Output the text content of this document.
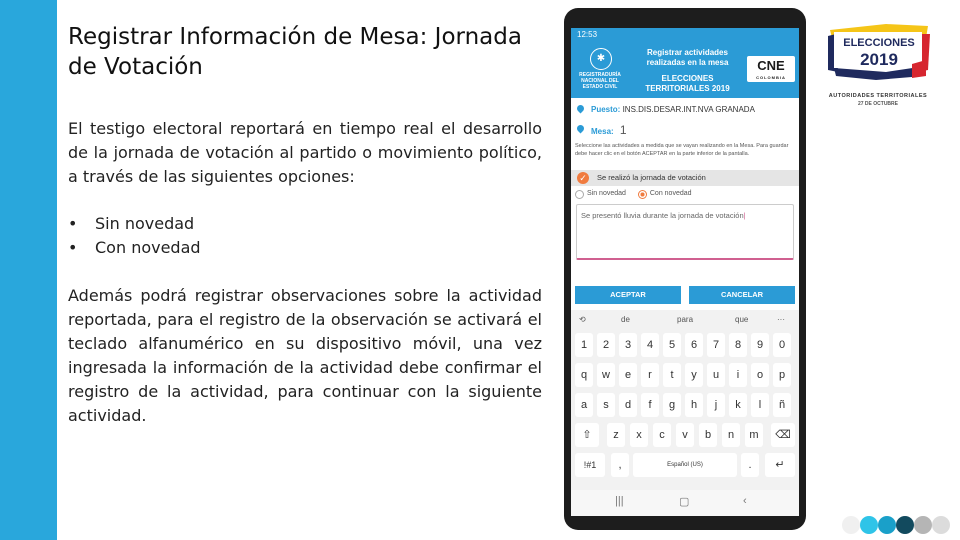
Registrar Información de Mesa: Jornada de Votación
El testigo electoral reportará en tiempo real el desarrollo de la jornada de votación al partido o movimiento político, a través de las siguientes opciones:
• Sin novedad
• Con novedad
Además podrá registrar observaciones sobre la actividad reportada, para el registro de la observación se activará el teclado alfanumérico en su dispositivo móvil, una vez ingresada la información de la actividad debe confirmar el registro de la actividad, para continuar con la siguiente actividad.
12:53
✱
REGISTRADURÍA NACIONAL DEL ESTADO CIVIL
Registrar actividades realizadas en la mesa
ELECCIONES TERRITORIALES 2019
CNE
COLOMBIA
Puesto: INS.DIS.DESAR.INT.NVA GRANADA
Mesa: 1
Seleccione las actividades a medida que se vayan realizando en la Mesa. Para guardar debe hacer clic en el botón ACEPTAR en la parte inferior de la pantalla.
✓ Se realizó la jornada de votación
Sin novedad	Con novedad
Se presentó lluvia durante la jornada de votación|
ACEPTAR	CANCELAR
⟲	de	para	que	···
1	2	3	4	5	6	7	8	9	0
q	w	e	r	t	y	u	i	o	p
a	s	d	f	g	h	j	k	l	ñ
⇧	⌫
z	x	c	v	b	n	m
!#1	,	Español (US)	.	↵
|||	▢	‹
ELECCIONES
2019
AUTORIDADES TERRITORIALES
27 DE OCTUBRE
